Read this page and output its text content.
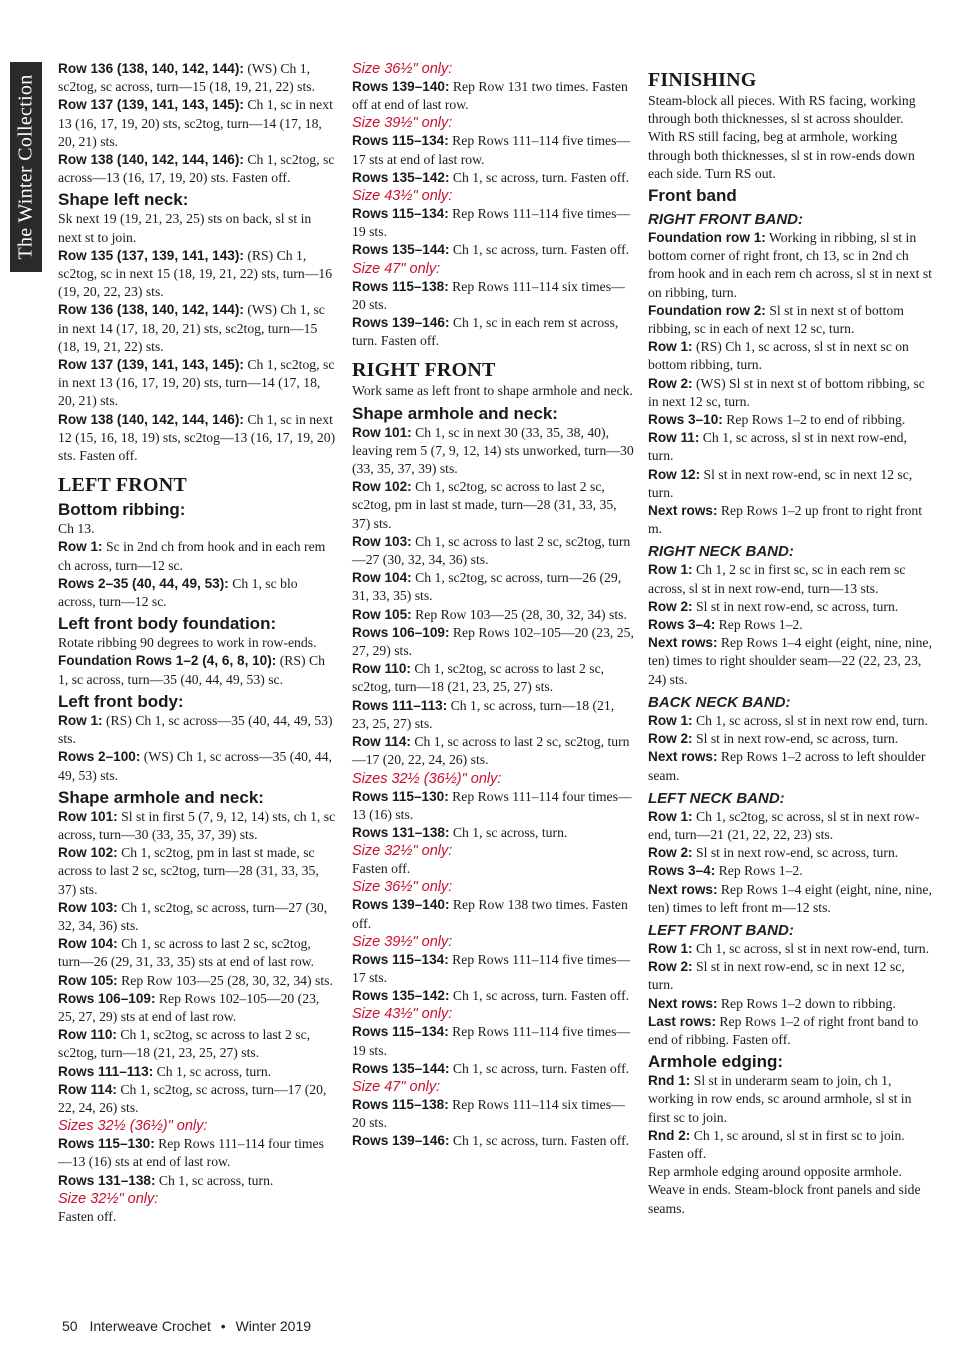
The Winter Collection
Row 136 (138, 140, 142, 144): (WS) Ch 1, sc2tog, sc across, turn—15 (18, 19, 21, 22) sts.
Row 137 (139, 141, 143, 145): Ch 1, sc in next 13 (16, 17, 19, 20) sts, sc2tog, turn—14 (17, 18, 20, 21) sts.
Row 138 (140, 142, 144, 146): Ch 1, sc2tog, sc across—13 (16, 17, 19, 20) sts. Fasten off.
Shape left neck:
Sk next 19 (19, 21, 23, 25) sts on back, sl st in next st to join.
Row 135 (137, 139, 141, 143): (RS) Ch 1, sc2tog, sc in next 15 (18, 19, 21, 22) sts, turn—16 (19, 20, 22, 23) sts.
Row 136 (138, 140, 142, 144): (WS) Ch 1, sc in next 14 (17, 18, 20, 21) sts, sc2tog, turn—15 (18, 19, 21, 22) sts.
Row 137 (139, 141, 143, 145): Ch 1, sc2tog, sc in next 13 (16, 17, 19, 20) sts, turn—14 (17, 18, 20, 21) sts.
Row 138 (140, 142, 144, 146): Ch 1, sc in next 12 (15, 16, 18, 19) sts, sc2tog—13 (16, 17, 19, 20) sts. Fasten off.
LEFT FRONT
Bottom ribbing:
Ch 13.
Row 1: Sc in 2nd ch from hook and in each rem ch across, turn—12 sc.
Rows 2–35 (40, 44, 49, 53): Ch 1, sc blo across, turn—12 sc.
Left front body foundation:
Rotate ribbing 90 degrees to work in row-ends.
Foundation Rows 1–2 (4, 6, 8, 10): (RS) Ch 1, sc across, turn—35 (40, 44, 49, 53) sc.
Left front body:
Row 1: (RS) Ch 1, sc across—35 (40, 44, 49, 53) sts.
Rows 2–100: (WS) Ch 1, sc across—35 (40, 44, 49, 53) sts.
Shape armhole and neck:
Row 101: Sl st in first 5 (7, 9, 12, 14) sts, ch 1, sc across, turn—30 (33, 35, 37, 39) sts.
Row 102: Ch 1, sc2tog, pm in last st made, sc across to last 2 sc, sc2tog, turn—28 (31, 33, 35, 37) sts.
Row 103: Ch 1, sc2tog, sc across, turn—27 (30, 32, 34, 36) sts.
Row 104: Ch 1, sc across to last 2 sc, sc2tog, turn—26 (29, 31, 33, 35) sts at end of last row.
Row 105: Rep Row 103—25 (28, 30, 32, 34) sts.
Rows 106–109: Rep Rows 102–105—20 (23, 25, 27, 29) sts at end of last row.
Row 110: Ch 1, sc2tog, sc across to last 2 sc, sc2tog, turn—18 (21, 23, 25, 27) sts.
Rows 111–113: Ch 1, sc across, turn.
Row 114: Ch 1, sc2tog, sc across, turn—17 (20, 22, 24, 26) sts.
Sizes 32½ (36½)" only:
Rows 115–130: Rep Rows 111–114 four times—13 (16) sts at end of last row.
Rows 131–138: Ch 1, sc across, turn.
Size 32½" only:
Fasten off.
Size 36½" only:
Rows 139–140: Rep Row 131 two times. Fasten off at end of last row.
Size 39½" only:
Rows 115–134: Rep Rows 111–114 five times—17 sts at end of last row.
Rows 135–142: Ch 1, sc across, turn. Fasten off.
Size 43½" only:
Rows 115–134: Rep Rows 111–114 five times—19 sts.
Rows 135–144: Ch 1, sc across, turn. Fasten off.
Size 47" only:
Rows 115–138: Rep Rows 111–114 six times—20 sts.
Rows 139–146: Ch 1, sc in each rem st across, turn. Fasten off.
RIGHT FRONT
Work same as left front to shape armhole and neck.
Shape armhole and neck:
Row 101: Ch 1, sc in next 30 (33, 35, 38, 40), leaving rem 5 (7, 9, 12, 14) sts unworked, turn—30 (33, 35, 37, 39) sts.
Row 102: Ch 1, sc2tog, sc across to last 2 sc, sc2tog, pm in last st made, turn—28 (31, 33, 35, 37) sts.
Row 103: Ch 1, sc across to last 2 sc, sc2tog, turn—27 (30, 32, 34, 36) sts.
Row 104: Ch 1, sc2tog, sc across, turn—26 (29, 31, 33, 35) sts.
Row 105: Rep Row 103—25 (28, 30, 32, 34) sts.
Rows 106–109: Rep Rows 102–105—20 (23, 25, 27, 29) sts.
Row 110: Ch 1, sc2tog, sc across to last 2 sc, sc2tog, turn—18 (21, 23, 25, 27) sts.
Rows 111–113: Ch 1, sc across, turn—18 (21, 23, 25, 27) sts.
Row 114: Ch 1, sc across to last 2 sc, sc2tog, turn—17 (20, 22, 24, 26) sts.
Sizes 32½ (36½)" only:
Rows 115–130: Rep Rows 111–114 four times—13 (16) sts.
Rows 131–138: Ch 1, sc across, turn.
Size 32½" only:
Fasten off.
Size 36½" only:
Rows 139–140: Rep Row 138 two times. Fasten off.
Size 39½" only:
Rows 115–134: Rep Rows 111–114 five times—17 sts.
Rows 135–142: Ch 1, sc across, turn. Fasten off.
Size 43½" only:
Rows 115–134: Rep Rows 111–114 five times—19 sts.
Rows 135–144: Ch 1, sc across, turn. Fasten off.
Size 47" only:
Rows 115–138: Rep Rows 111–114 six times—20 sts.
Rows 139–146: Ch 1, sc across, turn. Fasten off.
FINISHING
Steam-block all pieces. With RS facing, working through both thicknesses, sl st across shoulder. With RS still facing, beg at armhole, working through both thicknesses, sl st in row-ends down each side. Turn RS out.
Front band
RIGHT FRONT BAND:
Foundation row 1: Working in ribbing, sl st in bottom corner of right front, ch 13, sc in 2nd ch from hook and in each rem ch across, sl st in next st on ribbing, turn.
Foundation row 2: Sl st in next st of bottom ribbing, sc in each of next 12 sc, turn.
Row 1: (RS) Ch 1, sc across, sl st in next sc on bottom ribbing, turn.
Row 2: (WS) Sl st in next st of bottom ribbing, sc in next 12 sc, turn.
Rows 3–10: Rep Rows 1–2 to end of ribbing.
Row 11: Ch 1, sc across, sl st in next row-end, turn.
Row 12: Sl st in next row-end, sc in next 12 sc, turn.
Next rows: Rep Rows 1–2 up front to right front m.
RIGHT NECK BAND:
Row 1: Ch 1, 2 sc in first sc, sc in each rem sc across, sl st in next row-end, turn—13 sts.
Row 2: Sl st in next row-end, sc across, turn.
Rows 3–4: Rep Rows 1–2.
Next rows: Rep Rows 1–4 eight (eight, nine, nine, ten) times to right shoulder seam—22 (22, 23, 23, 24) sts.
BACK NECK BAND:
Row 1: Ch 1, sc across, sl st in next row end, turn.
Row 2: Sl st in next row-end, sc across, turn.
Next rows: Rep Rows 1–2 across to left shoulder seam.
LEFT NECK BAND:
Row 1: Ch 1, sc2tog, sc across, sl st in next row-end, turn—21 (21, 22, 22, 23) sts.
Row 2: Sl st in next row-end, sc across, turn.
Rows 3–4: Rep Rows 1–2.
Next rows: Rep Rows 1–4 eight (eight, nine, nine, ten) times to left front m—12 sts.
LEFT FRONT BAND:
Row 1: Ch 1, sc across, sl st in next row-end, turn.
Row 2: Sl st in next row-end, sc in next 12 sc, turn.
Next rows: Rep Rows 1–2 down to ribbing.
Last rows: Rep Rows 1–2 of right front band to end of ribbing. Fasten off.
Armhole edging:
Rnd 1: Sl st in underarm seam to join, ch 1, working in row ends, sc around armhole, sl st in first sc to join.
Rnd 2: Ch 1, sc around, sl st in first sc to join. Fasten off.
Rep armhole edging around opposite armhole.
Weave in ends. Steam-block front panels and side seams.
50 Interweave Crochet • Winter 2019
